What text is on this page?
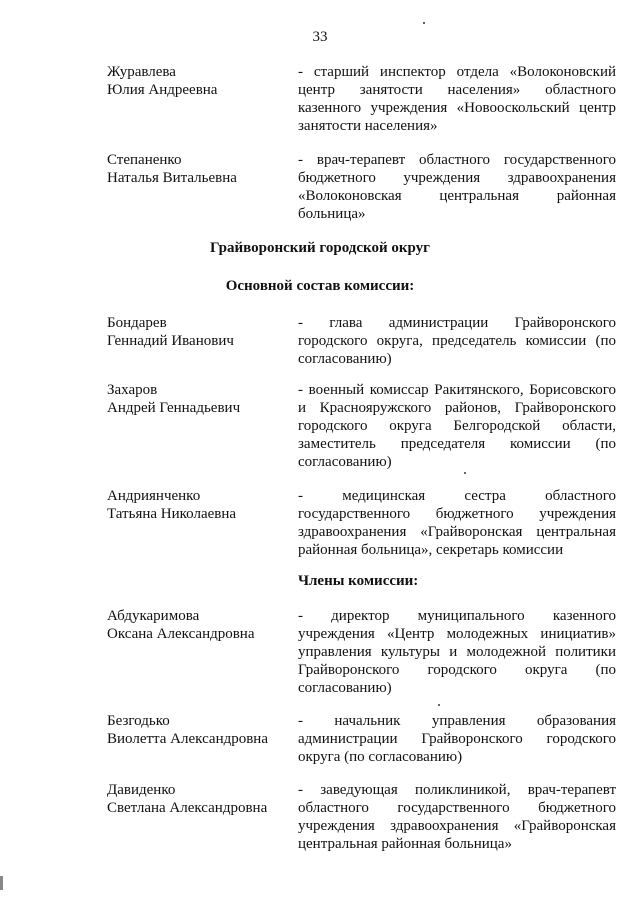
33
Журавлева
Юлия Андреевна
- старший инспектор отдела «Волоконовский центр занятости населения» областного казенного учреждения «Новооскольский центр занятости населения»
Степаненко
Наталья Витальевна
- врач-терапевт областного государственного бюджетного учреждения здравоохранения «Волоконовская центральная районная больница»
Грайворонский городской округ
Основной состав комиссии:
Бондарев
Геннадий Иванович
- глава администрации Грайворонского городского округа, председатель комиссии (по согласованию)
Захаров
Андрей Геннадьевич
- военный комиссар Ракитянского, Борисовского и Краснояружского районов, Грайворонского городского округа Белгородской области, заместитель председателя комиссии (по согласованию)
Андриянченко
Татьяна Николаевна
- медицинская сестра областного государственного бюджетного учреждения здравоохранения «Грайворонская центральная районная больница», секретарь комиссии
Члены комиссии:
Абдукаримова
Оксана Александровна
- директор муниципального казенного учреждения «Центр молодежных инициатив» управления культуры и молодежной политики Грайворонского городского округа (по согласованию)
Безгодько
Виолетта Александровна
- начальник управления образования администрации Грайворонского городского округа (по согласованию)
Давиденко
Светлана Александровна
- заведующая поликлиникой, врач-терапевт областного государственного бюджетного учреждения здравоохранения «Грайворонская центральная районная больница»
